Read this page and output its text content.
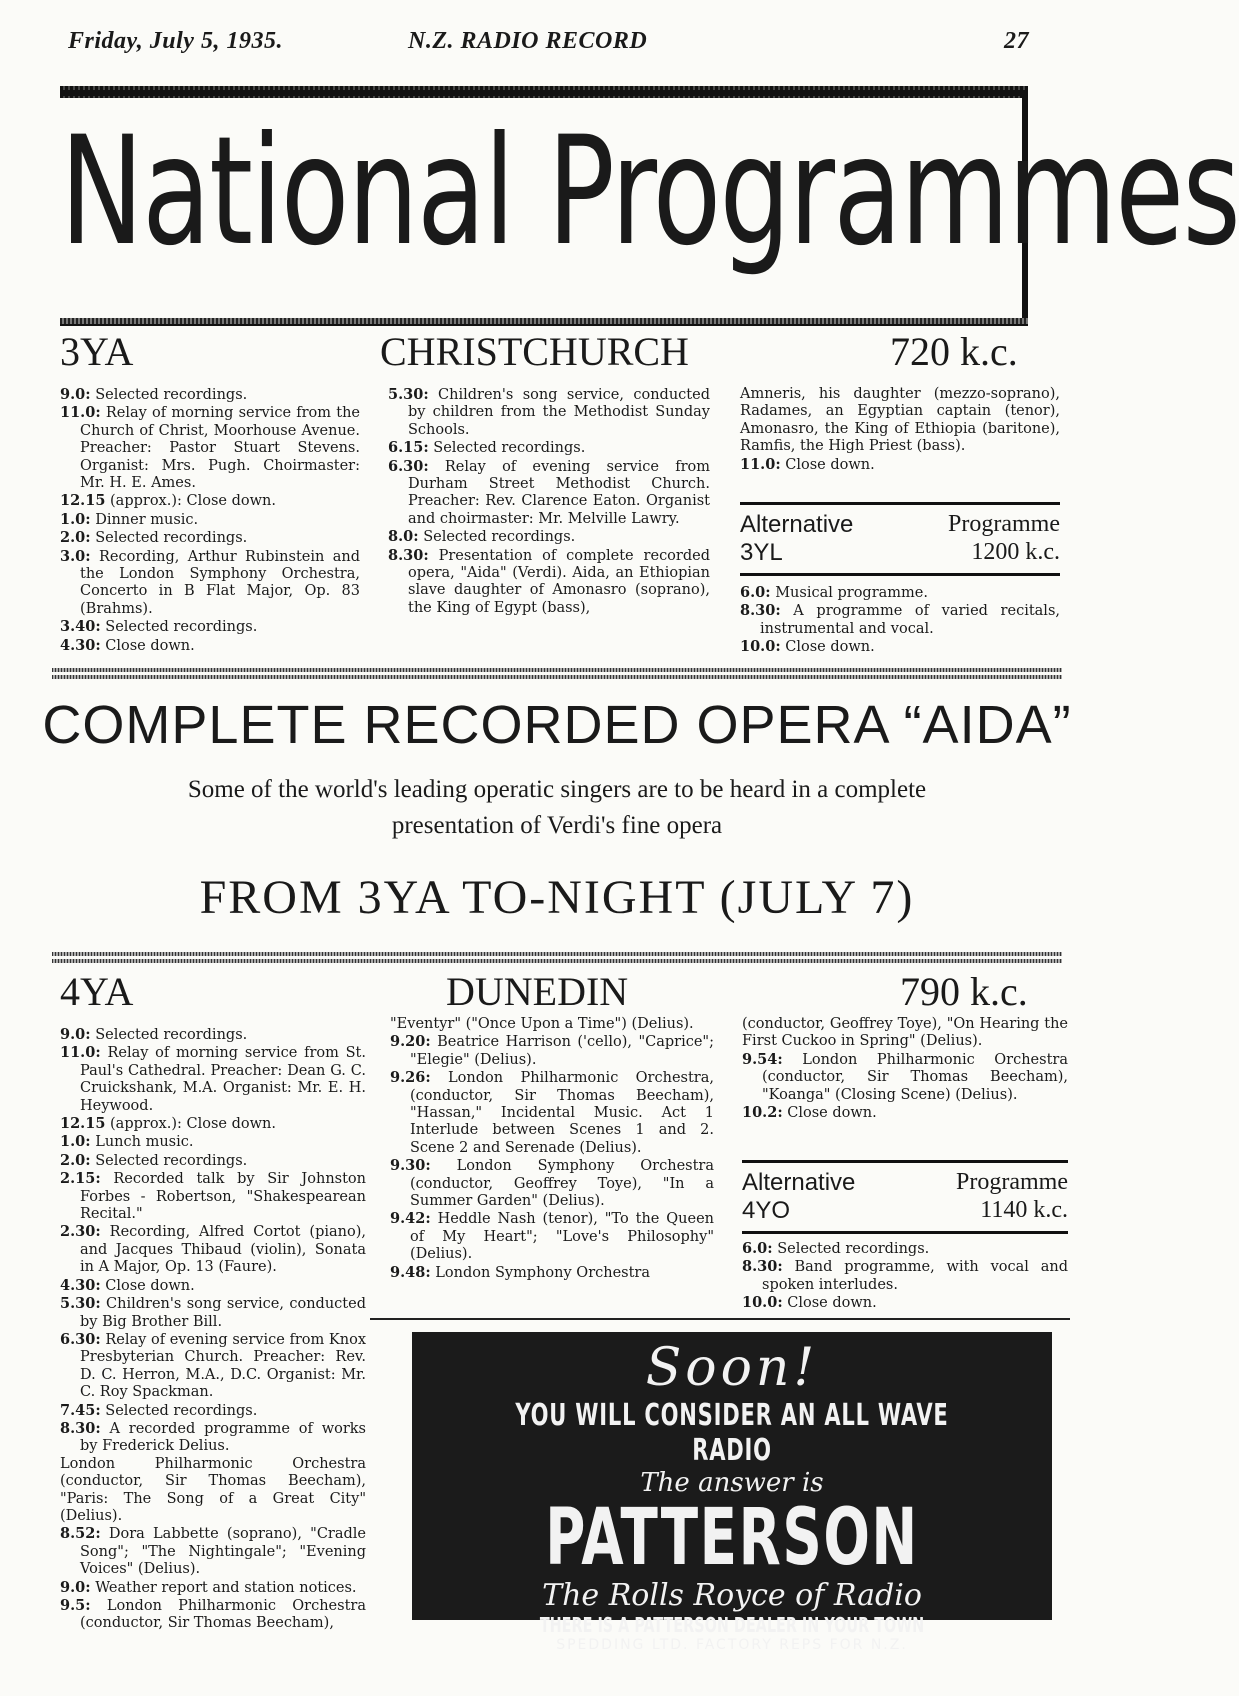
Friday, July 5, 1935.	N.Z. RADIO RECORD	27
National Programmes
3YA	CHRISTCHURCH	720 k.c.

9.0: Selected recordings.

11.0: Relay of morning service from the Church of Christ, Moorhouse Avenue. Preacher: Pastor Stuart Stevens. Organist: Mrs. Pugh. Choirmaster: Mr. H. E. Ames.

12.15 (approx.): Close down.

1.0: Dinner music.

2.0: Selected recordings.

3.0: Recording, Arthur Rubinstein and the London Symphony Orchestra, Concerto in B Flat Major, Op. 83 (Brahms).

3.40: Selected recordings.

4.30: Close down.

5.30: Children's song service, conducted by children from the Methodist Sunday Schools.

6.15: Selected recordings.

6.30: Relay of evening service from Durham Street Methodist Church. Preacher: Rev. Clarence Eaton. Organist and choirmaster: Mr. Melville Lawry.

8.0: Selected recordings.

8.30: Presentation of complete recorded opera, "Aida" (Verdi). Aida, an Ethiopian slave daughter of Amonasro (soprano), the King of Egypt (bass),

Amneris, his daughter (mezzo-soprano), Radames, an Egyptian captain (tenor), Amonasro, the King of Ethiopia (baritone), Ramfis, the High Priest (bass).

11.0: Close down.

Alternative	Programme
3YL	1200 k.c.

6.0: Musical programme.

8.30: A programme of varied recitals, instrumental and vocal.

10.0: Close down.

COMPLETE RECORDED OPERA “AIDA”
Some of the world's leading operatic singers are to be heard in a complete
presentation of Verdi's fine opera
FROM 3YA TO-NIGHT (JULY 7)
4YA	DUNEDIN	790 k.c.

9.0: Selected recordings.

11.0: Relay of morning service from St. Paul's Cathedral. Preacher: Dean G. C. Cruickshank, M.A. Organist: Mr. E. H. Heywood.

12.15 (approx.): Close down.

1.0: Lunch music.

2.0: Selected recordings.

2.15: Recorded talk by Sir Johnston Forbes - Robertson, "Shakespearean Recital."

2.30: Recording, Alfred Cortot (piano), and Jacques Thibaud (violin), Sonata in A Major, Op. 13 (Faure).

4.30: Close down.

5.30: Children's song service, conducted by Big Brother Bill.

6.30: Relay of evening service from Knox Presbyterian Church. Preacher: Rev. D. C. Herron, M.A., D.C. Organist: Mr. C. Roy Spackman.

7.45: Selected recordings.

8.30: A recorded programme of works by Frederick Delius.

London Philharmonic Orchestra (conductor, Sir Thomas Beecham), "Paris: The Song of a Great City" (Delius).

8.52: Dora Labbette (soprano), "Cradle Song"; "The Nightingale"; "Evening Voices" (Delius).

9.0: Weather report and station notices.

9.5: London Philharmonic Orchestra (conductor, Sir Thomas Beecham),

"Eventyr" ("Once Upon a Time") (Delius).

9.20: Beatrice Harrison ('cello), "Caprice"; "Elegie" (Delius).

9.26: London Philharmonic Orchestra, (conductor, Sir Thomas Beecham), "Hassan," Incidental Music. Act 1 Interlude between Scenes 1 and 2. Scene 2 and Serenade (Delius).

9.30: London Symphony Orchestra (conductor, Geoffrey Toye), "In a Summer Garden" (Delius).

9.42: Heddle Nash (tenor), "To the Queen of My Heart"; "Love's Philosophy" (Delius).

9.48: London Symphony Orchestra

(conductor, Geoffrey Toye), "On Hearing the First Cuckoo in Spring" (Delius).

9.54: London Philharmonic Orchestra (conductor, Sir Thomas Beecham), "Koanga" (Closing Scene) (Delius).

10.2: Close down.

Alternative	Programme
4YO	1140 k.c.

6.0: Selected recordings.

8.30: Band programme, with vocal and spoken interludes.

10.0: Close down.

Soon!
YOU WILL CONSIDER AN ALL WAVE RADIO
The answer is
PATTERSON
The Rolls Royce of Radio
THERE IS A PATTERSON DEALER IN YOUR TOWN
SPEDDING LTD. FACTORY REPS FOR N.Z.
